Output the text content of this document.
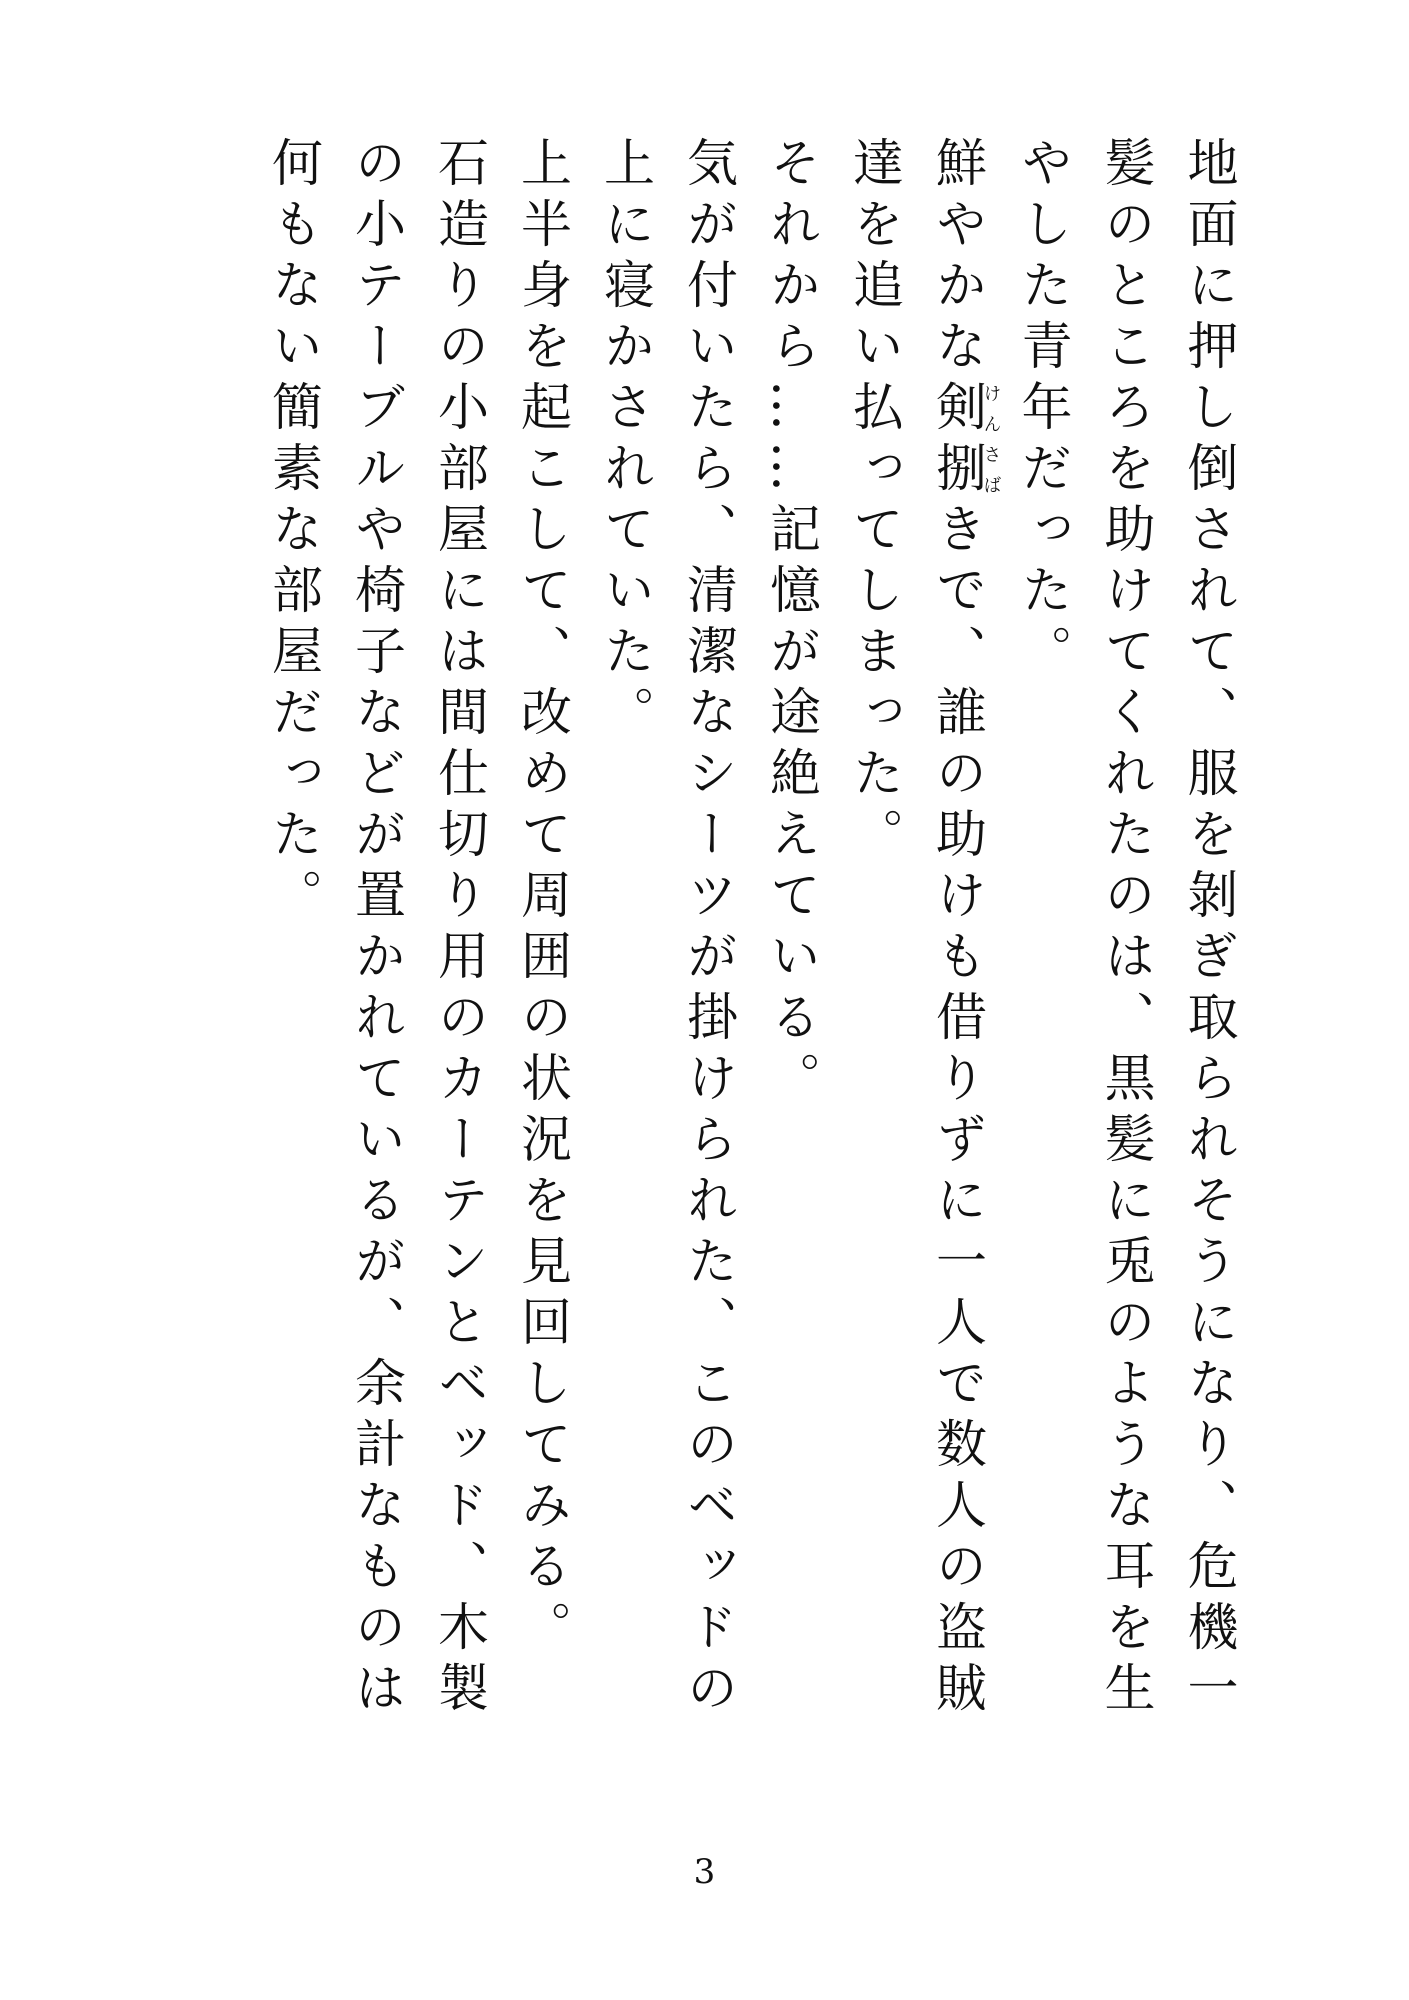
地面に押し倒されて、服を剝ぎ取られそうになり、危機一髪のところを助けてくれたのは、黒髪に兎のような耳を生やした青年だった。

鮮やかな剣捌けんさばきで、誰の助けも借りずに一人で数人の盗賊達を追い払ってしまった。

それから……記憶が途絶えている。

気が付いたら、清潔なシーツが掛けられた、このベッドの上に寝かされていた。

上半身を起こして、改めて周囲の状況を見回してみる。

石造りの小部屋には間仕切り用のカーテンとベッド、木製の小テーブルや椅子などが置かれているが、余計なものは何もない簡素な部屋だった。

3
